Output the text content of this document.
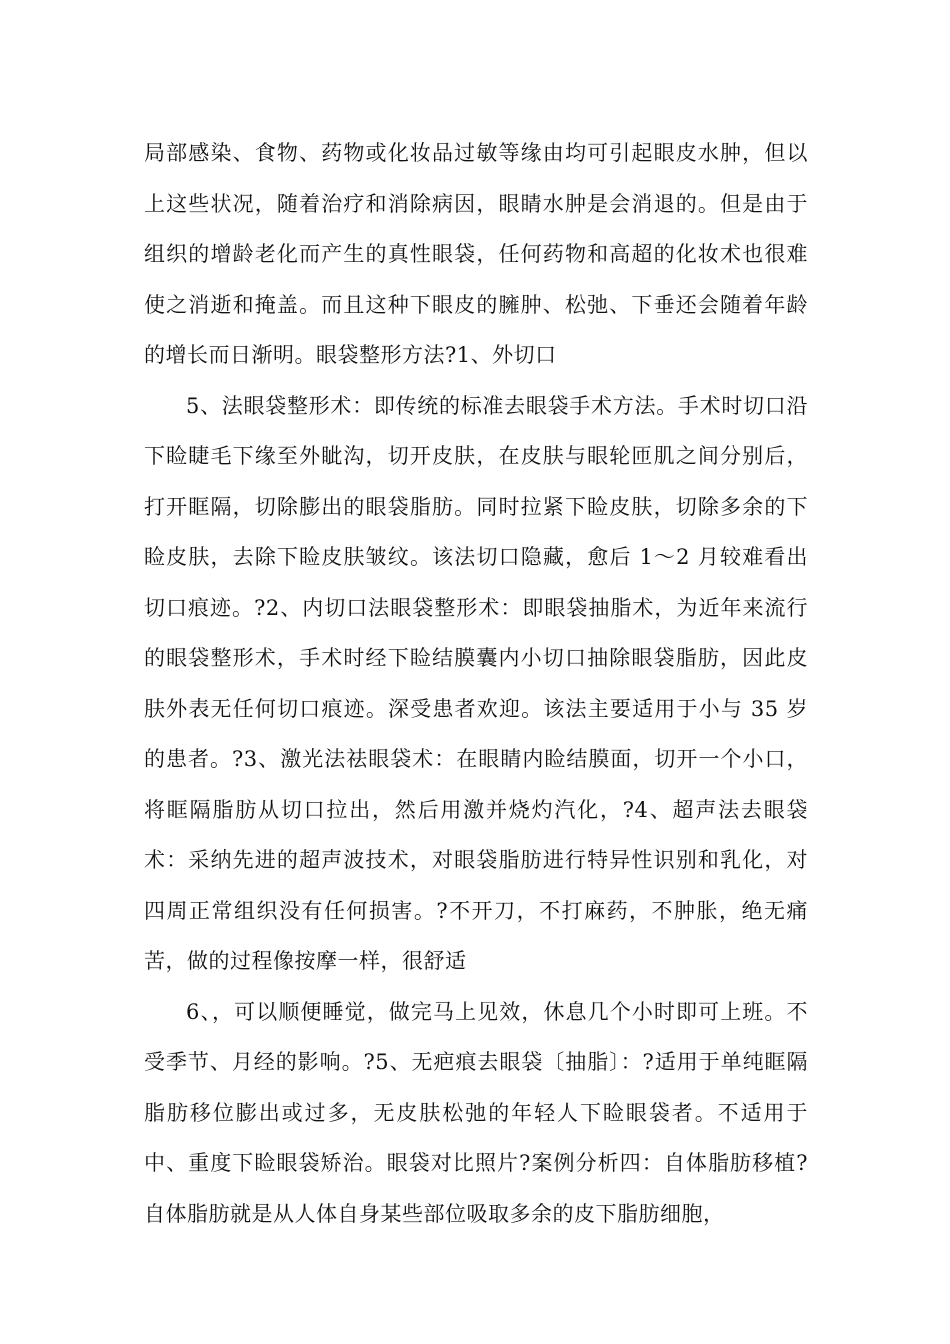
局部感染、食物、药物或化妆品过敏等缘由均可引起眼皮水肿，但以上这些状况，随着治疗和消除病因，眼睛水肿是会消退的。但是由于组织的增龄老化而产生的真性眼袋，任何药物和高超的化妆术也很难使之消逝和掩盖。而且这种下眼皮的臃肿、松弛、下垂还会随着年龄的增长而日渐明。眼袋整形方法?1、外切口

5、法眼袋整形术：即传统的标准去眼袋手术方法。手术时切口沿下睑睫毛下缘至外眦沟，切开皮肤，在皮肤与眼轮匝肌之间分别后，打开眶隔，切除膨出的眼袋脂肪。同时拉紧下睑皮肤，切除多余的下睑皮肤，去除下睑皮肤皱纹。该法切口隐藏，愈后 1～2 月较难看出切口痕迹。?2、内切口法眼袋整形术：即眼袋抽脂术，为近年来流行的眼袋整形术，手术时经下睑结膜囊内小切口抽除眼袋脂肪，因此皮肤外表无任何切口痕迹。深受患者欢迎。该法主要适用于小与 35 岁的患者。?3、激光法祛眼袋术：在眼睛内睑结膜面，切开一个小口，将眶隔脂肪从切口拉出，然后用激并烧灼汽化，?4、超声法去眼袋术：采纳先进的超声波技术，对眼袋脂肪进行特异性识别和乳化，对四周正常组织没有任何损害。?不开刀，不打麻药，不肿胀，绝无痛苦，做的过程像按摩一样，很舒适

6、，可以顺便睡觉，做完马上见效，休息几个小时即可上班。不受季节、月经的影响。?5、无疤痕去眼袋〔抽脂〕：?适用于单纯眶隔脂肪移位膨出或过多，无皮肤松弛的年轻人下睑眼袋者。不适用于中、重度下睑眼袋矫治。眼袋对比照片?案例分析四：自体脂肪移植?自体脂肪就是从人体自身某些部位吸取多余的皮下脂肪细胞，
